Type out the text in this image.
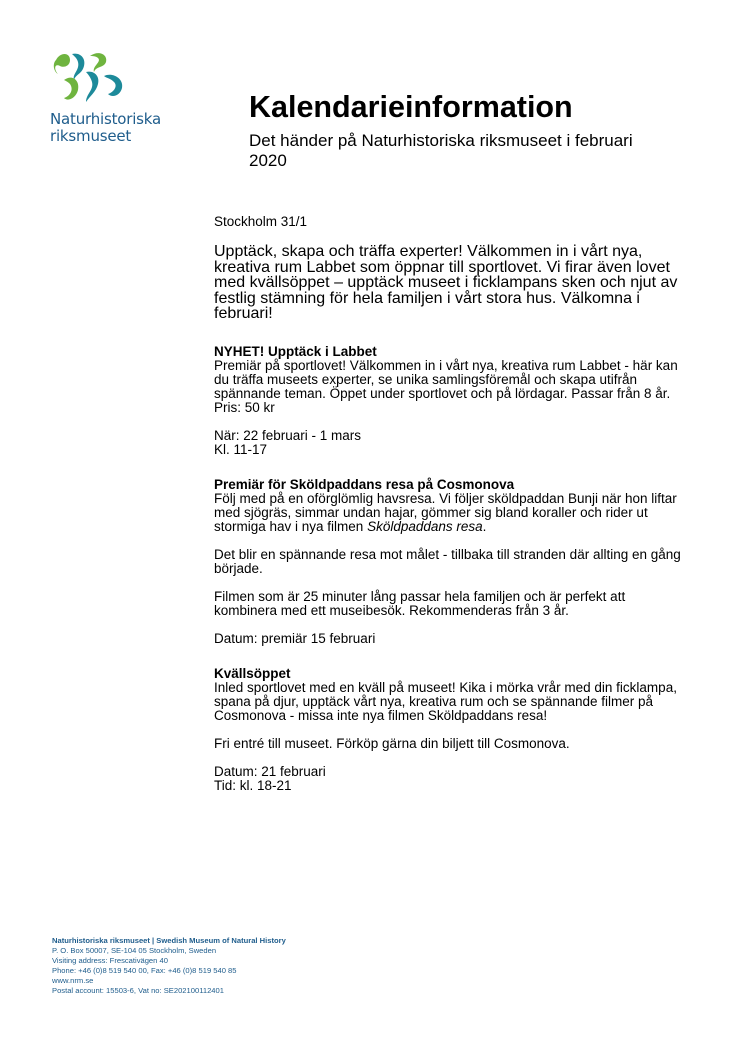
Naturhistoriska
riksmuseet
Kalendarieinformation
Det händer på Naturhistoriska riksmuseet i februari 2020

Stockholm 31/1

Upptäck, skapa och träffa experter! Välkommen in i vårt nya, kreativa rum Labbet som öppnar till sportlovet. Vi firar även lovet med kvällsöppet – upptäck museet i ficklampans sken och njut av festlig stämning för hela familjen i vårt stora hus. Välkomna i februari!

NYHET! Upptäck i Labbet

Premiär på sportlovet! Välkommen in i vårt nya, kreativa rum Labbet - här kan du träffa museets experter, se unika samlingsföremål och skapa utifrån spännande teman. Öppet under sportlovet och på lördagar. Passar från 8 år. Pris: 50 kr

När: 22 februari - 1 mars
Kl. 11-17

Premiär för Sköldpaddans resa på Cosmonova

Följ med på en oförglömlig havsresa. Vi följer sköldpaddan Bunji när hon liftar med sjögräs, simmar undan hajar, gömmer sig bland koraller och rider ut stormiga hav i nya filmen Sköldpaddans resa.

Det blir en spännande resa mot målet - tillbaka till stranden där allting en gång började.

Filmen som är 25 minuter lång passar hela familjen och är perfekt att kombinera med ett museibesök. Rekommenderas från 3 år.

Datum: premiär 15 februari

Kvällsöppet

Inled sportlovet med en kväll på museet! Kika i mörka vrår med din ficklampa, spana på djur, upptäck vårt nya, kreativa rum och se spännande filmer på Cosmonova - missa inte nya filmen Sköldpaddans resa!

Fri entré till museet. Förköp gärna din biljett till Cosmonova.

Datum: 21 februari
Tid: kl. 18-21

Naturhistoriska riksmuseet | Swedish Museum of Natural History
P. O. Box 50007, SE-104 05 Stockholm, Sweden
Visiting address: Frescativägen 40
Phone: +46 (0)8 519 540 00, Fax: +46 (0)8 519 540 85
www.nrm.se
Postal account: 15503-6, Vat no: SE202100112401
